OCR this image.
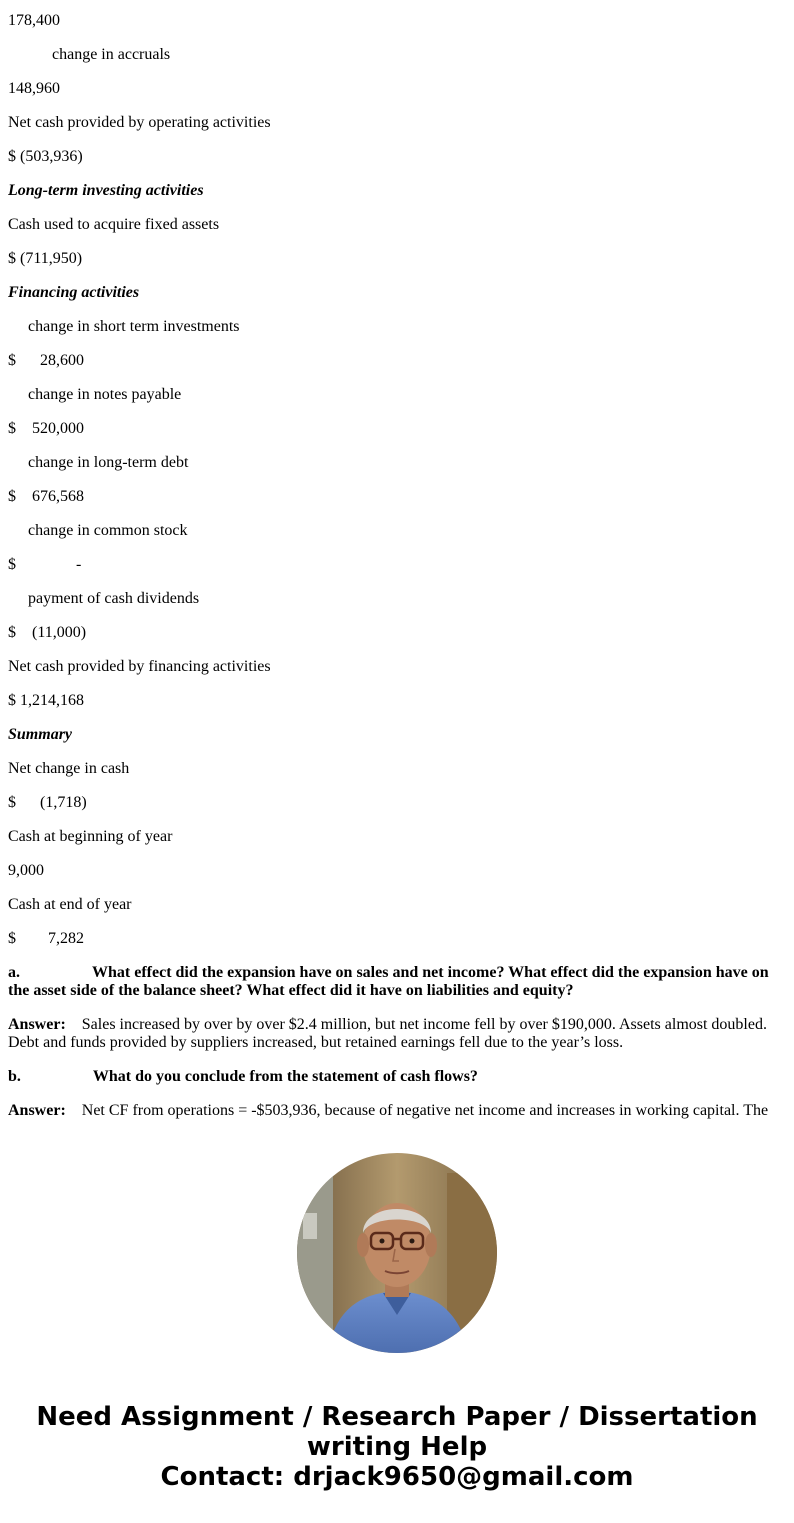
178,400
change in accruals
148,960
Net cash provided by operating activities
$ (503,936)
Long-term investing activities
Cash used to acquire fixed assets
$ (711,950)
Financing activities
change in short term investments
$ 28,600
change in notes payable
$ 520,000
change in long-term debt
$ 676,568
change in common stock
$	-
payment of cash dividends
$ (11,000)
Net cash provided by financing activities
$ 1,214,168
Summary
Net change in cash
$ (1,718)
Cash at beginning of year
9,000
Cash at end of year
$ 7,282
a.	What effect did the expansion have on sales and net income? What effect did the expansion have on the asset side of the balance sheet? What effect did it have on liabilities and equity?
Answer: Sales increased by over by over $2.4 million, but net income fell by over $190,000. Assets almost doubled. Debt and funds provided by suppliers increased, but retained earnings fell due to the year’s loss.
b.	What do you conclude from the statement of cash flows?
Answer: Net CF from operations = -$503,936, because of negative net income and increases in working capital. The
Need Assignment / Research Paper / Dissertation
writing Help
Contact: drjack9650@gmail.com
